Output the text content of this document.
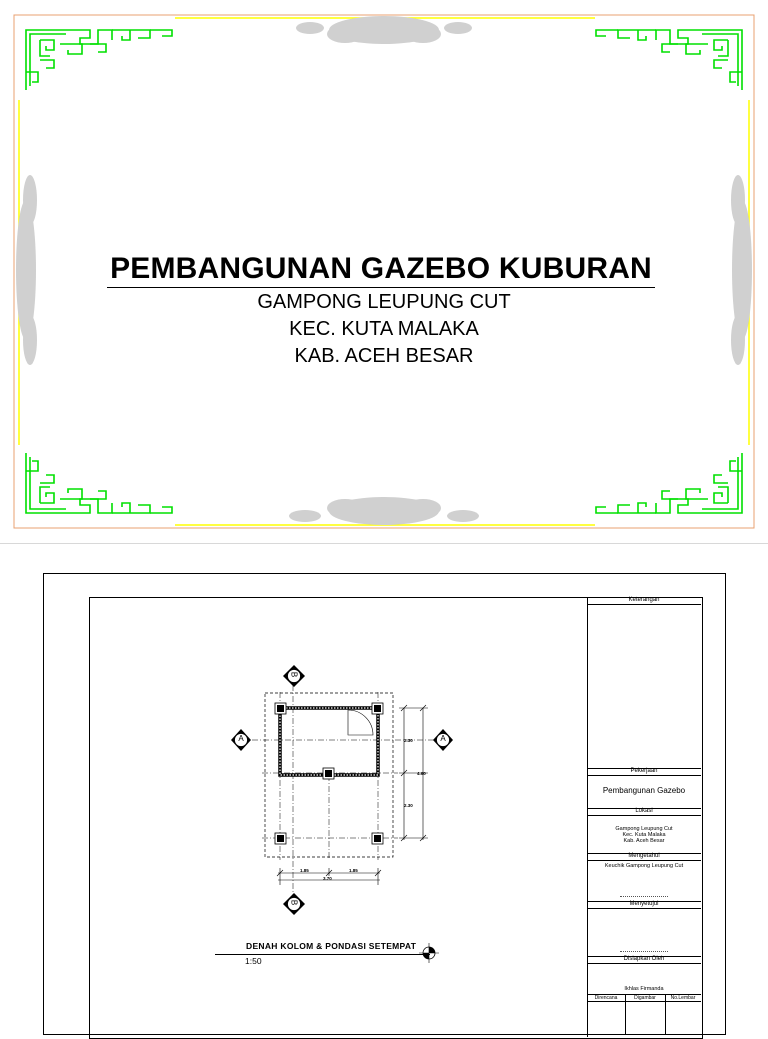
PEMBANGUNAN GAZEBO KUBURAN
GAMPONG LEUPUNG CUT
KEC. KUTA MALAKA
KAB. ACEH BESAR
Keterangan
Pekerjaan
Pembangunan Gazebo
Lokasi
Gampong Leupung Cut
Kec. Kuta Malaka
Kab. Aceh Besar
Mengetahui
Keuchik Gampong Leupung Cut
Menyetujui
Disiapkan Oleh
Ikhlas Firmanda
Direncana	Digambar	No.Lembar
A	A
B
B
2.30
2.30
4.60
1.85	1.85
3.70
DENAH KOLOM & PONDASI SETEMPAT
1:50
